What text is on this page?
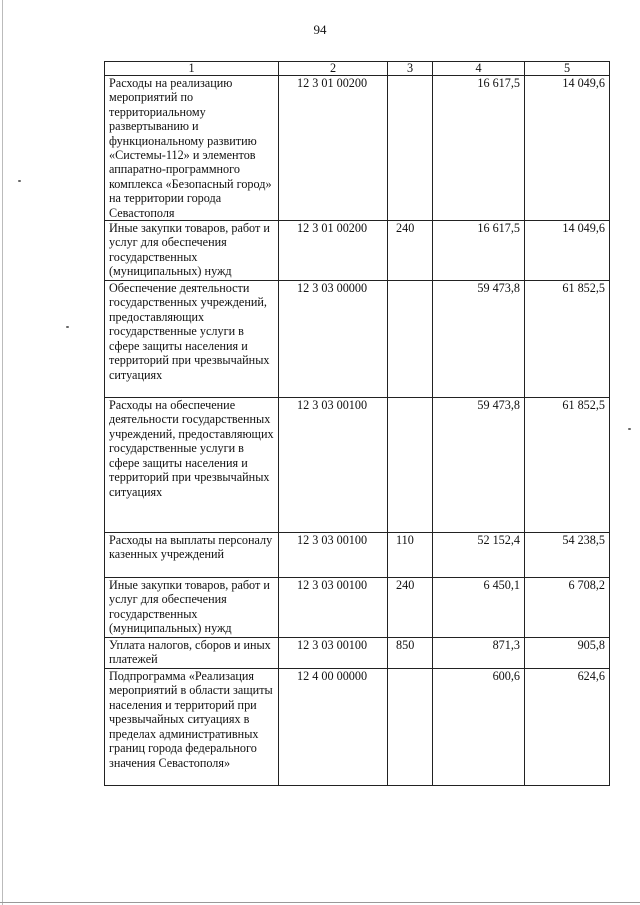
94
1	2	3	4	5
Расходы на реализацию мероприятий по территориальному развертыванию и функциональному развитию «Системы-112» и элементов аппаратно-программного комплекса «Безопасный город» на территории города Севастополя	12 3 01 00200		16 617,5	14 049,6
Иные закупки товаров, работ и услуг для обеспечения государственных (муниципальных) нужд	12 3 01 00200	240	16 617,5	14 049,6
Обеспечение деятельности государственных учреждений, предоставляющих государственные услуги в сфере защиты населения и территорий при чрезвычайных ситуациях	12 3 03 00000		59 473,8	61 852,5
Расходы на обеспечение деятельности государственных учреждений, предоставляющих государственные услуги в сфере защиты населения и территорий при чрезвычайных ситуациях	12 3 03 00100		59 473,8	61 852,5
Расходы на выплаты персоналу казенных учреждений	12 3 03 00100	110	52 152,4	54 238,5
Иные закупки товаров, работ и услуг для обеспечения государственных (муниципальных) нужд	12 3 03 00100	240	6 450,1	6 708,2
Уплата налогов, сборов и иных платежей	12 3 03 00100	850	871,3	905,8
Подпрограмма «Реализация мероприятий в области защиты населения и территорий при чрезвычайных ситуациях в пределах административных границ города федерального значения Севастополя»	12 4 00 00000		600,6	624,6
